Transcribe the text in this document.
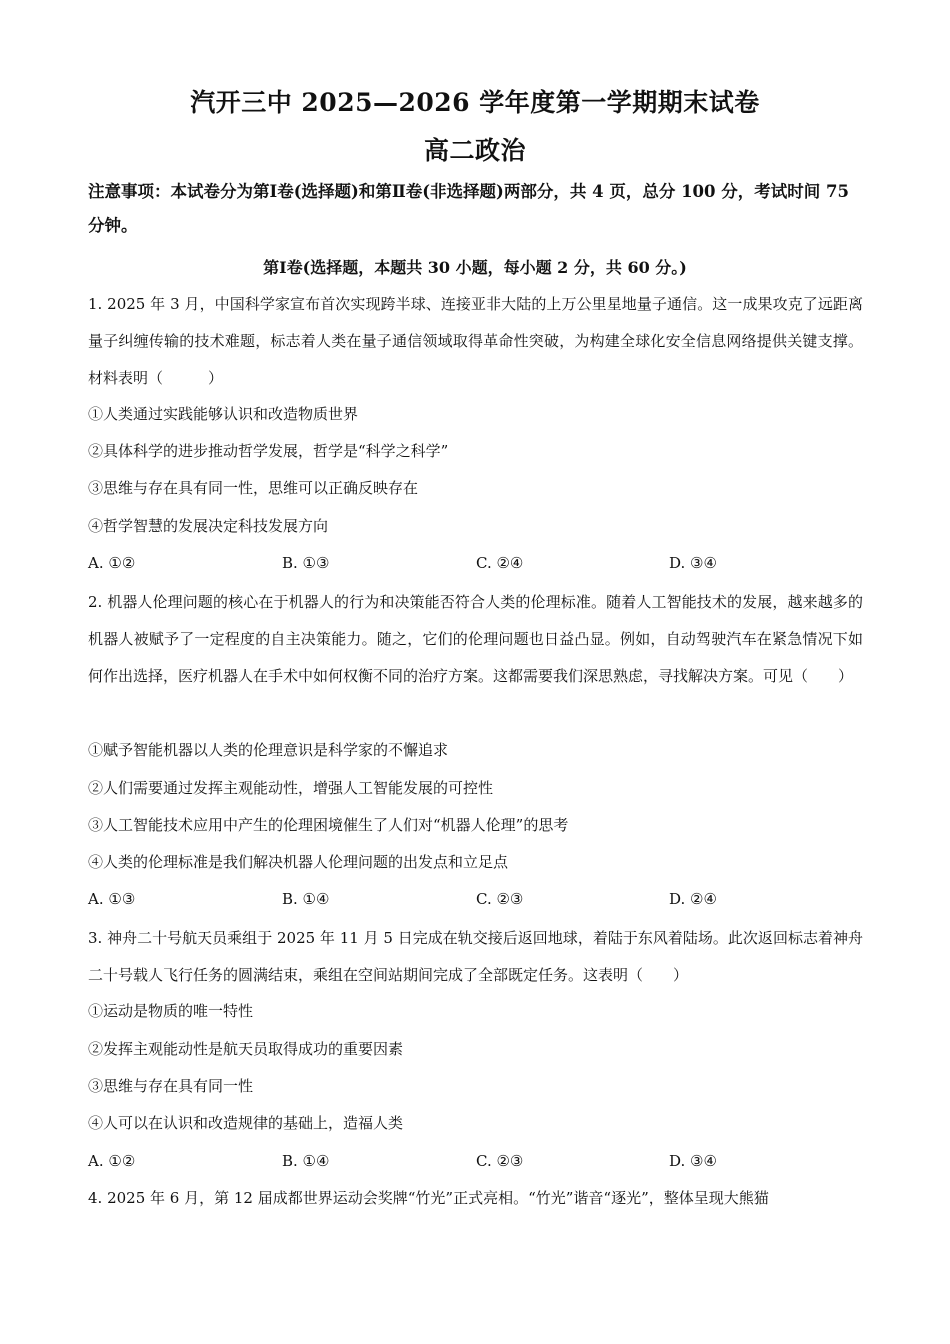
汽开三中 2025—2026 学年度第一学期期末试卷
高二政治
注意事项：本试卷分为第Ⅰ卷(选择题)和第Ⅱ卷(非选择题)两部分，共 4 页，总分 100 分，考试时间 75 分钟。
第Ⅰ卷(选择题，本题共 30 小题，每小题 2 分，共 60 分。)
1. 2025 年 3 月，中国科学家宣布首次实现跨半球、连接亚非大陆的上万公里星地量子通信。这一成果攻克了远距离量子纠缠传输的技术难题，标志着人类在量子通信领域取得革命性突破，为构建全球化安全信息网络提供关键支撑。材料表明（　　　）
①人类通过实践能够认识和改造物质世界
②具体科学的进步推动哲学发展，哲学是“科学之科学”
③思维与存在具有同一性，思维可以正确反映存在
④哲学智慧的发展决定科技发展方向
A. ①②	B. ①③	C. ②④	D. ③④
2. 机器人伦理问题的核心在于机器人的行为和决策能否符合人类的伦理标准。随着人工智能技术的发展，越来越多的机器人被赋予了一定程度的自主决策能力。随之，它们的伦理问题也日益凸显。例如，自动驾驶汽车在紧急情况下如何作出选择，医疗机器人在手术中如何权衡不同的治疗方案。这都需要我们深思熟虑，寻找解决方案。可见（　　）
①赋予智能机器以人类的伦理意识是科学家的不懈追求
②人们需要通过发挥主观能动性，增强人工智能发展的可控性
③人工智能技术应用中产生的伦理困境催生了人们对“机器人伦理”的思考
④人类的伦理标准是我们解决机器人伦理问题的出发点和立足点
A. ①③	B. ①④	C. ②③	D. ②④
3. 神舟二十号航天员乘组于 2025 年 11 月 5 日完成在轨交接后返回地球，着陆于东风着陆场。此次返回标志着神舟二十号载人飞行任务的圆满结束，乘组在空间站期间完成了全部既定任务。这表明（　　）
①运动是物质的唯一特性
②发挥主观能动性是航天员取得成功的重要因素
③思维与存在具有同一性
④人可以在认识和改造规律的基础上，造福人类
A. ①②	B. ①④	C. ②③	D. ③④
4. 2025 年 6 月，第 12 届成都世界运动会奖牌“竹光”正式亮相。“竹光”谐音“逐光”，整体呈现大熊猫
